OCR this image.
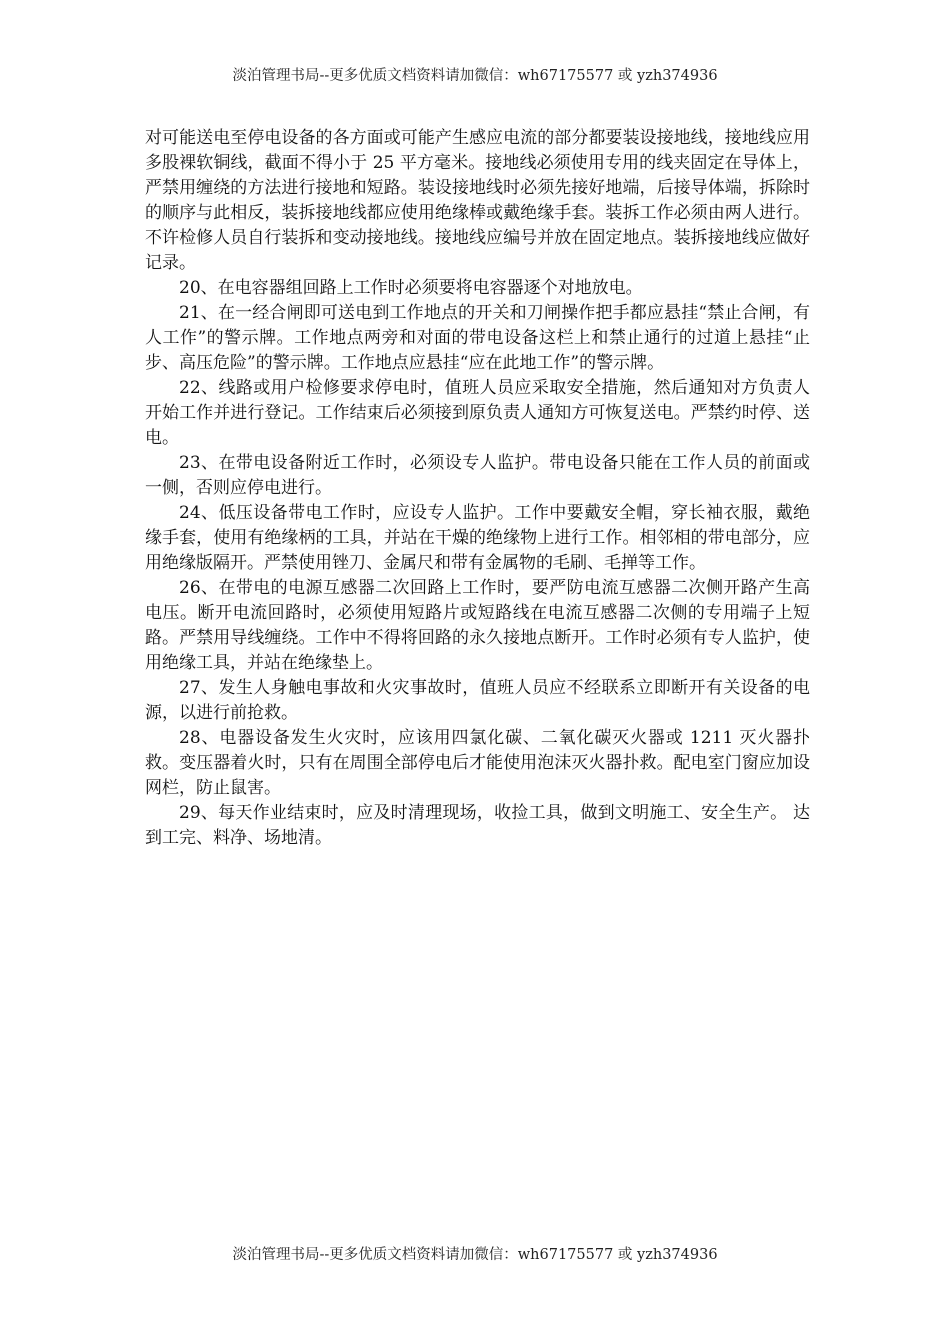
淡泊管理书局--更多优质文档资料请加微信：wh67175577 或 yzh374936

对可能送电至停电设备的各方面或可能产生感应电流的部分都要装设接地线，接地线应用多股裸软铜线，截面不得小于 25 平方毫米。接地线必须使用专用的线夹固定在导体上，严禁用缠绕的方法进行接地和短路。装设接地线时必须先接好地端，后接导体端，拆除时的顺序与此相反，装拆接地线都应使用绝缘棒或戴绝缘手套。装拆工作必须由两人进行。不许检修人员自行装拆和变动接地线。接地线应编号并放在固定地点。装拆接地线应做好记录。

20、在电容器组回路上工作时必须要将电容器逐个对地放电。

21、在一经合闸即可送电到工作地点的开关和刀闸操作把手都应悬挂“禁止合闸，有人工作”的警示牌。工作地点两旁和对面的带电设备这栏上和禁止通行的过道上悬挂“止步、高压危险”的警示牌。工作地点应悬挂“应在此地工作”的警示牌。

22、线路或用户检修要求停电时，值班人员应采取安全措施，然后通知对方负责人开始工作并进行登记。工作结束后必须接到原负责人通知方可恢复送电。严禁约时停、送电。

23、在带电设备附近工作时，必须设专人监护。带电设备只能在工作人员的前面或一侧，否则应停电进行。

24、低压设备带电工作时，应设专人监护。工作中要戴安全帽，穿长袖衣服，戴绝缘手套，使用有绝缘柄的工具，并站在干燥的绝缘物上进行工作。相邻相的带电部分，应用绝缘版隔开。严禁使用锉刀、金属尺和带有金属物的毛刷、毛掸等工作。

26、在带电的电源互感器二次回路上工作时，要严防电流互感器二次侧开路产生高电压。断开电流回路时，必须使用短路片或短路线在电流互感器二次侧的专用端子上短路。严禁用导线缠绕。工作中不得将回路的永久接地点断开。工作时必须有专人监护，使用绝缘工具，并站在绝缘垫上。

27、发生人身触电事故和火灾事故时，值班人员应不经联系立即断开有关设备的电源，以进行前抢救。

28、电器设备发生火灾时，应该用四氯化碳、二氧化碳灭火器或 1211 灭火器扑救。变压器着火时，只有在周围全部停电后才能使用泡沫灭火器扑救。配电室门窗应加设网栏，防止鼠害。

29、每天作业结束时，应及时清理现场，收捡工具，做到文明施工、安全生产。 达到工完、料净、场地清。

淡泊管理书局--更多优质文档资料请加微信：wh67175577 或 yzh374936
